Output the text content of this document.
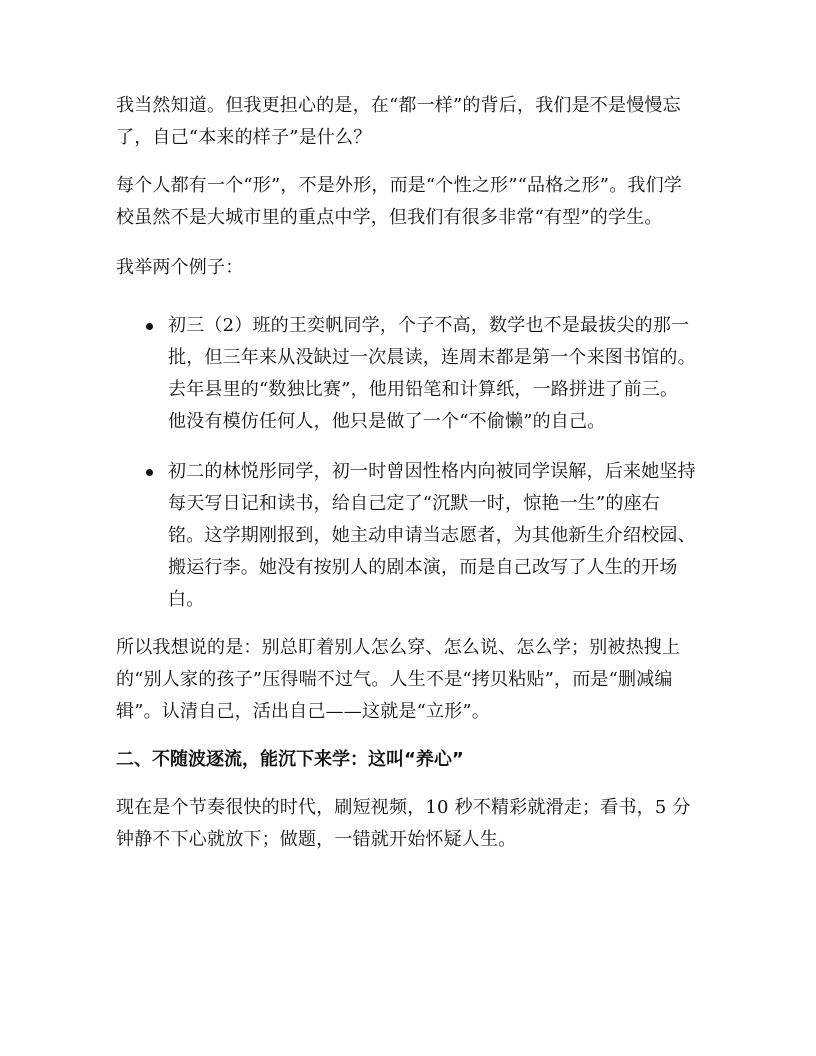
我当然知道。但我更担心的是，在“都一样”的背后，我们是不是慢慢忘了，自己“本来的样子”是什么？

每个人都有一个“形”，不是外形，而是“个性之形”“品格之形”。我们学校虽然不是大城市里的重点中学，但我们有很多非常“有型”的学生。

我举两个例子：

初三（2）班的王奕帆同学，个子不高，数学也不是最拔尖的那一批，但三年来从没缺过一次晨读，连周末都是第一个来图书馆的。去年县里的“数独比赛”，他用铅笔和计算纸，一路拼进了前三。他没有模仿任何人，他只是做了一个“不偷懒”的自己。
初二的林悦彤同学，初一时曾因性格内向被同学误解，后来她坚持每天写日记和读书，给自己定了“沉默一时，惊艳一生”的座右铭。这学期刚报到，她主动申请当志愿者，为其他新生介绍校园、搬运行李。她没有按别人的剧本演，而是自己改写了人生的开场白。

所以我想说的是：别总盯着别人怎么穿、怎么说、怎么学；别被热搜上的“别人家的孩子”压得喘不过气。人生不是“拷贝粘贴”，而是“删减编辑”。认清自己，活出自己——这就是“立形”。

二、不随波逐流，能沉下来学：这叫“养心”

现在是个节奏很快的时代，刷短视频，10 秒不精彩就滑走；看书，5 分钟静不下心就放下；做题，一错就开始怀疑人生。
